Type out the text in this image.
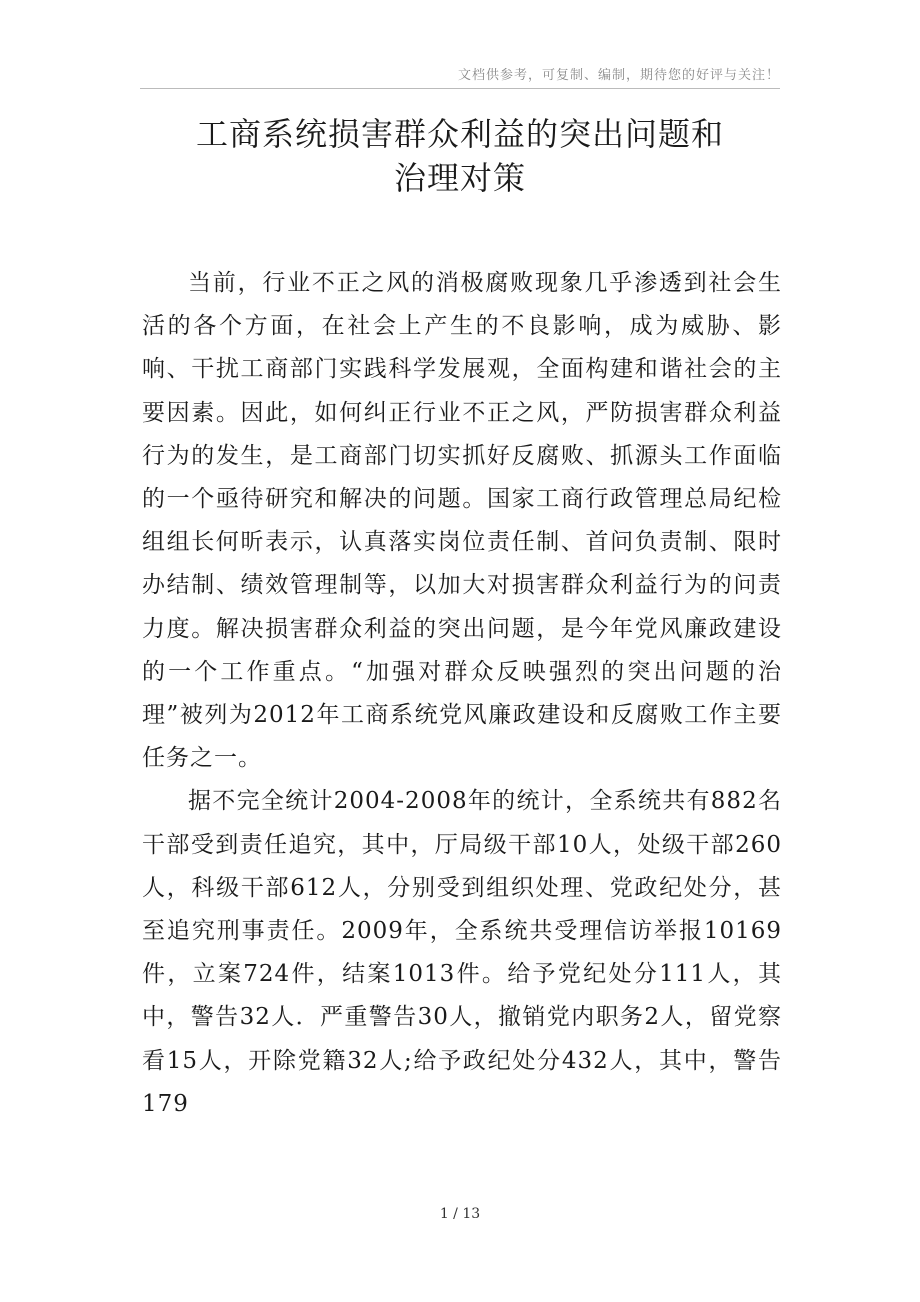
文档供参考，可复制、编制，期待您的好评与关注！
工商系统损害群众利益的突出问题和
治理对策

当前，行业不正之风的消极腐败现象几乎渗透到社会生活的各个方面，在社会上产生的不良影响，成为威胁、影响、干扰工商部门实践科学发展观，全面构建和谐社会的主要因素。因此，如何纠正行业不正之风，严防损害群众利益行为的发生，是工商部门切实抓好反腐败、抓源头工作面临的一个亟待研究和解决的问题。国家工商行政管理总局纪检组组长何昕表示，认真落实岗位责任制、首问负责制、限时办结制、绩效管理制等，以加大对损害群众利益行为的问责力度。解决损害群众利益的突出问题，是今年党风廉政建设的一个工作重点。“加强对群众反映强烈的突出问题的治理”被列为2012年工商系统党风廉政建设和反腐败工作主要任务之一。

据不完全统计2004-2008年的统计，全系统共有882名干部受到责任追究，其中，厅局级干部10人，处级干部260人，科级干部612人，分别受到组织处理、党政纪处分，甚至追究刑事责任。2009年，全系统共受理信访举报10169件，立案724件，结案1013件。给予党纪处分111人，其中，警告32人．严重警告30人，撤销党内职务2人，留党察看15人，开除党籍32人;给予政纪处分432人，其中，警告179

1 / 13
